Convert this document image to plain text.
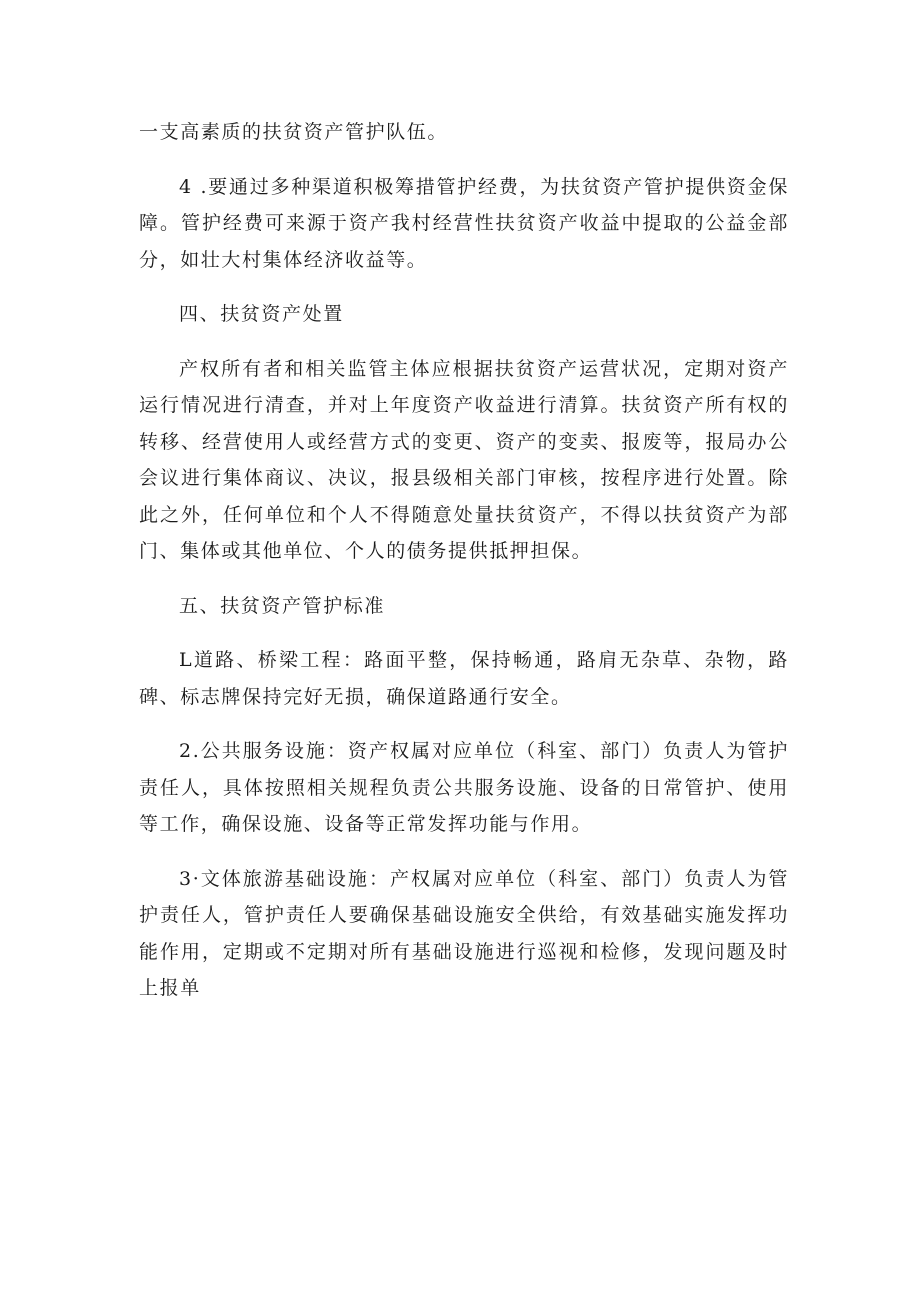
一支高素质的扶贫资产管护队伍。

4 .要通过多种渠道积极筹措管护经费，为扶贫资产管护提供资金保障。管护经费可来源于资产我村经营性扶贫资产收益中提取的公益金部分，如壮大村集体经济收益等。

四、扶贫资产处置

产权所有者和相关监管主体应根据扶贫资产运营状况，定期对资产运行情况进行清查，并对上年度资产收益进行清算。扶贫资产所有权的转移、经营使用人或经营方式的变更、资产的变卖、报废等，报局办公会议进行集体商议、决议，报县级相关部门审核，按程序进行处置。除此之外，任何单位和个人不得随意处量扶贫资产，不得以扶贫资产为部门、集体或其他单位、个人的债务提供抵押担保。

五、扶贫资产管护标准

L道路、桥梁工程：路面平整，保持畅通，路肩无杂草、杂物，路碑、标志牌保持完好无损，确保道路通行安全。

2.公共服务设施：资产权属对应单位（科室、部门）负责人为管护责任人，具体按照相关规程负责公共服务设施、设备的日常管护、使用等工作，确保设施、设备等正常发挥功能与作用。

3·文体旅游基础设施：产权属对应单位（科室、部门）负责人为管护责任人，管护责任人要确保基础设施安全供给，有效基础实施发挥功能作用，定期或不定期对所有基础设施进行巡视和检修，发现问题及时上报单
